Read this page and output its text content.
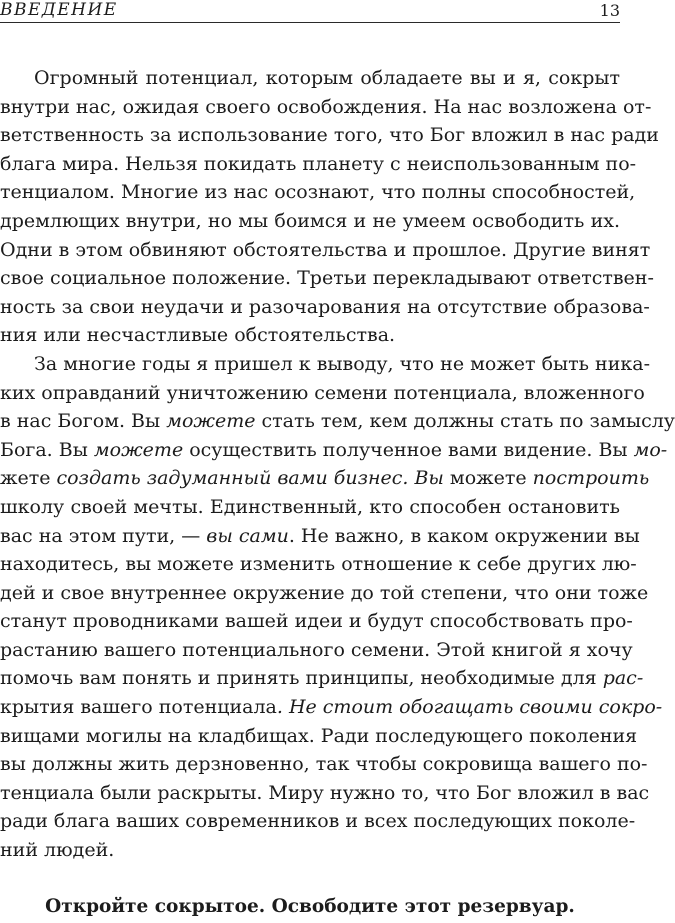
ВВЕДЕНИЕ	13
Огромный потенциал, которым обладаете вы и я, сокрыт
внутри нас, ожидая своего освобождения. На нас возложена от-
ветственность за использование того, что Бог вложил в нас ради
блага мира. Нельзя покидать планету с неиспользованным по-
тенциалом. Многие из нас осознают, что полны способностей,
дремлющих внутри, но мы боимся и не умеем освободить их.
Одни в этом обвиняют обстоятельства и прошлое. Другие винят
свое социальное положение. Третьи перекладывают ответствен-
ность за свои неудачи и разочарования на отсутствие образова-
ния или несчастливые обстоятельства.
За многие годы я пришел к выводу, что не может быть ника-
ких оправданий уничтожению семени потенциала, вложенного
в нас Богом. Вы можете стать тем, кем должны стать по замыслу
Бога. Вы можете осуществить полученное вами видение. Вы мо-
жете создать задуманный вами бизнес. Вы можете построить
школу своей мечты. Единственный, кто способен остановить
вас на этом пути, — вы сами. Не важно, в каком окружении вы
находитесь, вы можете изменить отношение к себе других лю-
дей и свое внутреннее окружение до той степени, что они тоже
станут проводниками вашей идеи и будут способствовать про-
растанию вашего потенциального семени. Этой книгой я хочу
помочь вам понять и принять принципы, необходимые для рас-
крытия вашего потенциала. Не стоит обогащать своими сокро-
вищами могилы на кладбищах. Ради последующего поколения
вы должны жить дерзновенно, так чтобы сокровища вашего по-
тенциала были раскрыты. Миру нужно то, что Бог вложил в вас
ради блага ваших современников и всех последующих поколе-
ний людей.
Откройте сокрытое. Освободите этот резервуар.
